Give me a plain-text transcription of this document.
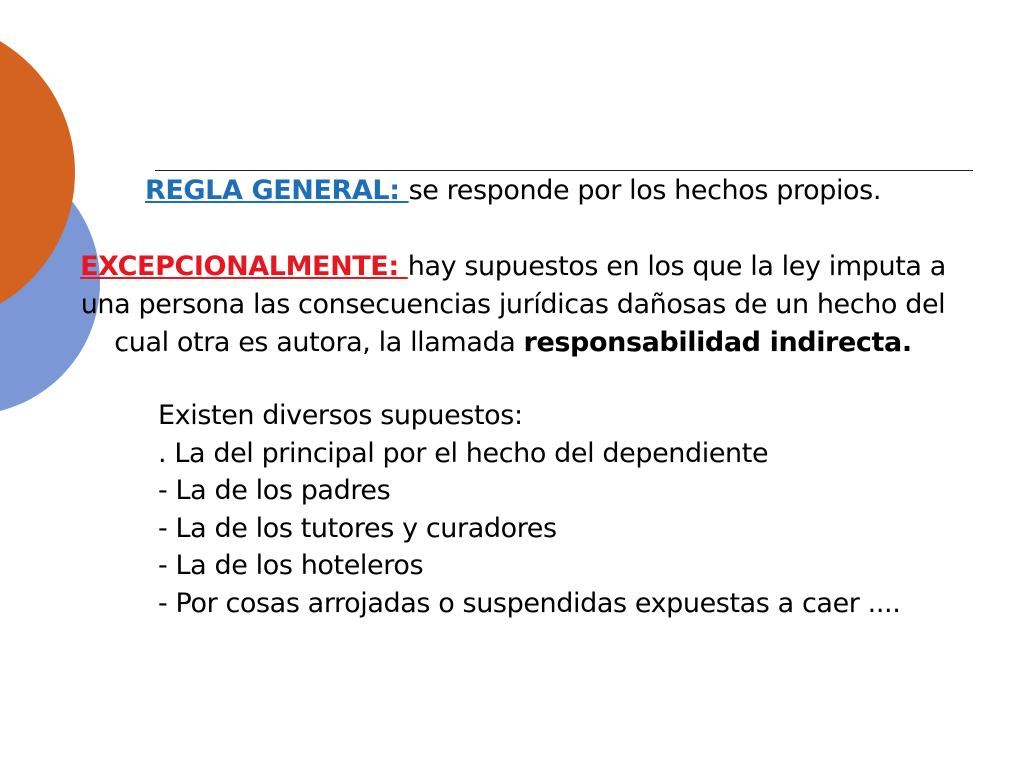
REGLA GENERAL: se responde por los hechos propios.
EXCEPCIONALMENTE: hay supuestos en los que la ley imputa a
una persona las consecuencias jurídicas dañosas de un hecho del
cual otra es autora, la llamada responsabilidad indirecta.
Existen diversos supuestos:
. La del principal por el hecho del dependiente
- La de los padres
- La de los tutores y curadores
- La de los hoteleros
- Por cosas arrojadas o suspendidas expuestas a caer ....
